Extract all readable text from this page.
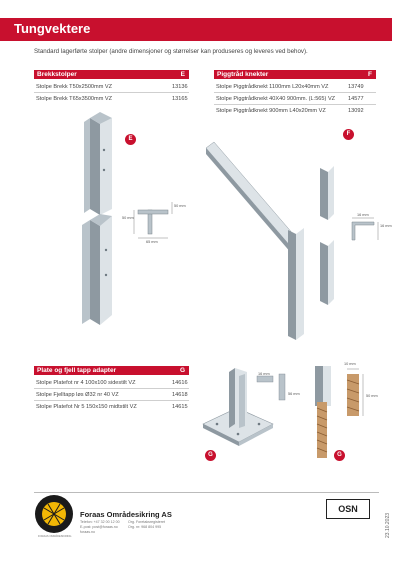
Tungvektere
Standard lagerførte stolper (andre dimensjoner og størrelser kan produseres og leveres ved behov).
Brekkstolper	E
Stolpe Brekk T50x2500mm VZ	13136
Stolpe Brekk T65x3500mm VZ	13165
Piggtråd knekter	F
Stolpe Piggtrådknekt 1100mm L20x40mm VZ	13749
Stolpe Piggtrådknekt 40X40 900mm. (L:565) VZ 14577
Stolpe Piggtrådknekt 900mm L40x20mm VZ	13092
E
50 mm
50 mm
65 mm
F
16 mm
16 mm
Plate og fjell tapp adapter	G
Stolpe Platefot nr 4 100x100 sidestilt VZ	14616
Stolpe Fjelltapp løs Ø32 nr 40 VZ	14618
Stolpe Platefot Nr 5 150x150 midtstilt VZ	14615
G
16 mm
56 mm
G
10 mm
50 mm
FORAAS OMRÅDESIKRING
Foraas Områdesikring AS
Telefon: +47 32 00 12 00
E-post: post@foraas.no
foraas.no
Org. Foretaksregisteret
Org. nr: 968 804 995
OSN
23.10.2023
